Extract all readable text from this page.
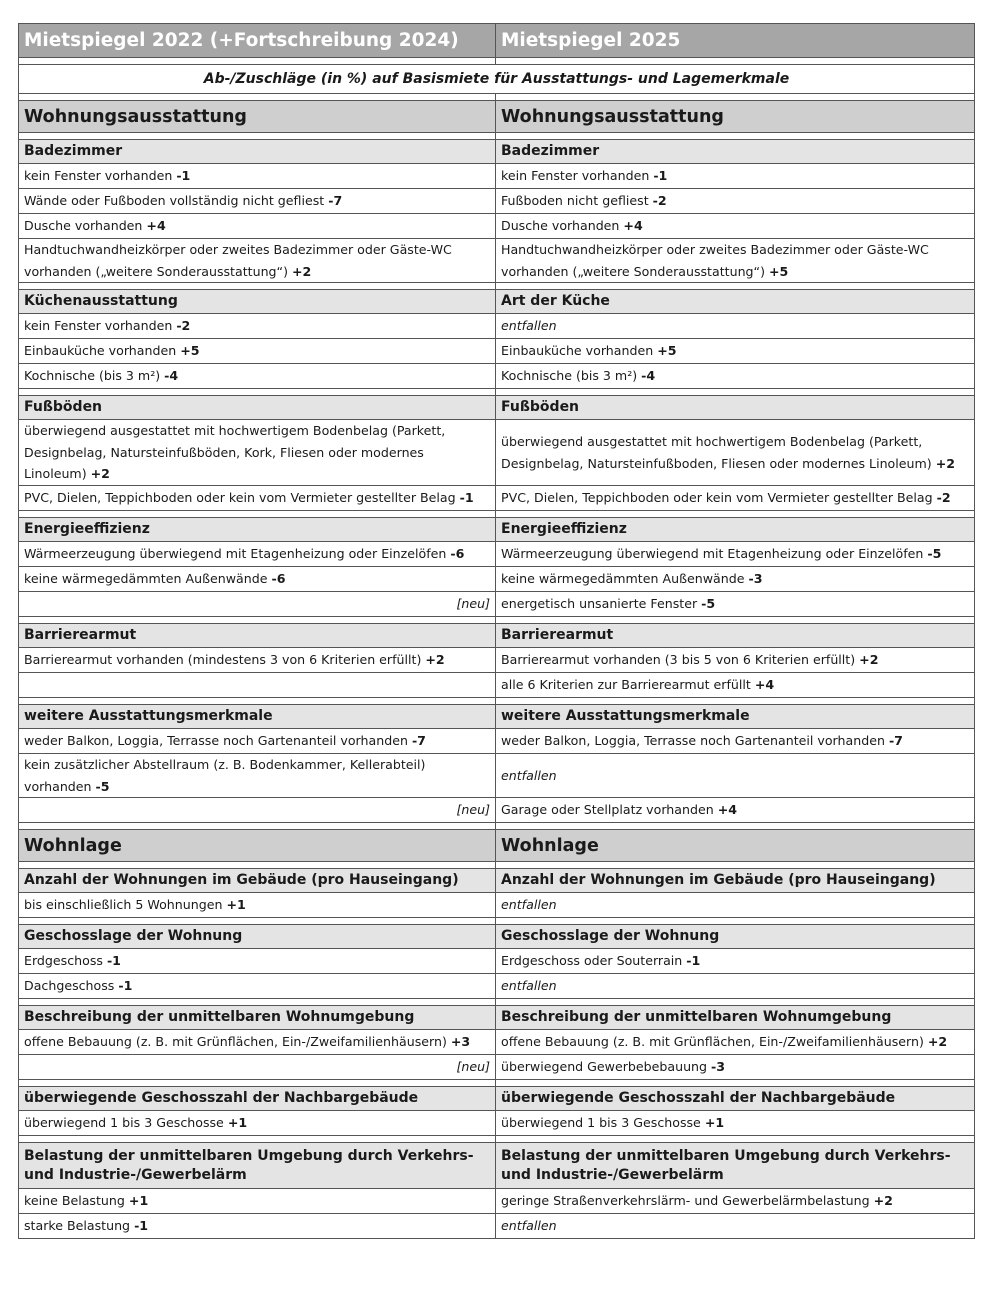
Mietspiegel 2022 (+Fortschreibung 2024)	Mietspiegel 2025

Ab-/Zuschläge (in %) auf Basismiete für Ausstattungs- und Lagemerkmale	

Wohnungsausstattung	Wohnungsausstattung

Badezimmer	Badezimmer
kein Fenster vorhanden -1	kein Fenster vorhanden -1
Wände oder Fußboden vollständig nicht gefliest -7	Fußboden nicht gefliest -2
Dusche vorhanden +4	Dusche vorhanden +4
Handtuchwandheizkörper oder zweites Badezimmer oder Gäste-WC vorhanden („weitere Sonderausstattung“) +2	Handtuchwandheizkörper oder zweites Badezimmer oder Gäste-WC vorhanden („weitere Sonderausstattung“) +5

Küchenausstattung	Art der Küche
kein Fenster vorhanden -2	entfallen
Einbauküche vorhanden +5	Einbauküche vorhanden +5
Kochnische (bis 3 m²) -4	Kochnische (bis 3 m²) -4

Fußböden	Fußböden
überwiegend ausgestattet mit hochwertigem Bodenbelag (Parkett, Designbelag, Natursteinfußböden, Kork, Fliesen oder modernes Linoleum) +2	überwiegend ausgestattet mit hochwertigem Bodenbelag (Parkett, Designbelag, Natursteinfußboden, Fliesen oder modernes Linoleum) +2
PVC, Dielen, Teppichboden oder kein vom Vermieter gestellter Belag -1	PVC, Dielen, Teppichboden oder kein vom Vermieter gestellter Belag -2

Energieeffizienz	Energieeffizienz
Wärmeerzeugung überwiegend mit Etagenheizung oder Einzelöfen -6	Wärmeerzeugung überwiegend mit Etagenheizung oder Einzelöfen -5
keine wärmegedämmten Außenwände -6	keine wärmegedämmten Außenwände -3

[neu]	energetisch unsanierte Fenster -5

Barrierearmut	Barrierearmut
Barrierearmut vorhanden (mindestens 3 von 6 Kriterien erfüllt) +2	Barrierearmut vorhanden (3 bis 5 von 6 Kriterien erfüllt) +2
	alle 6 Kriterien zur Barrierearmut erfüllt +4

weitere Ausstattungsmerkmale	weitere Ausstattungsmerkmale
weder Balkon, Loggia, Terrasse noch Gartenanteil vorhanden -7	weder Balkon, Loggia, Terrasse noch Gartenanteil vorhanden -7
kein zusätzlicher Abstellraum (z. B. Bodenkammer, Kellerabteil) vorhanden -5	entfallen

[neu]	Garage oder Stellplatz vorhanden +4

Wohnlage	Wohnlage

Anzahl der Wohnungen im Gebäude (pro Hauseingang)	Anzahl der Wohnungen im Gebäude (pro Hauseingang)
bis einschließlich 5 Wohnungen +1	entfallen

Geschosslage der Wohnung	Geschosslage der Wohnung
Erdgeschoss -1	Erdgeschoss oder Souterrain -1
Dachgeschoss -1	entfallen

Beschreibung der unmittelbaren Wohnumgebung	Beschreibung der unmittelbaren Wohnumgebung
offene Bebauung (z. B. mit Grünflächen, Ein-/Zweifamilienhäusern) +3	offene Bebauung (z. B. mit Grünflächen, Ein-/Zweifamilienhäusern) +2

[neu]	überwiegend Gewerbebebauung -3

überwiegende Geschosszahl der Nachbargebäude	überwiegende Geschosszahl der Nachbargebäude
überwiegend 1 bis 3 Geschosse +1	überwiegend 1 bis 3 Geschosse +1

Belastung der unmittelbaren Umgebung durch Verkehrs- und Industrie-/Gewerbelärm	Belastung der unmittelbaren Umgebung durch Verkehrs- und Industrie-/Gewerbelärm
keine Belastung +1	geringe Straßenverkehrslärm- und Gewerbelärmbelastung +2
starke Belastung -1	entfallen
